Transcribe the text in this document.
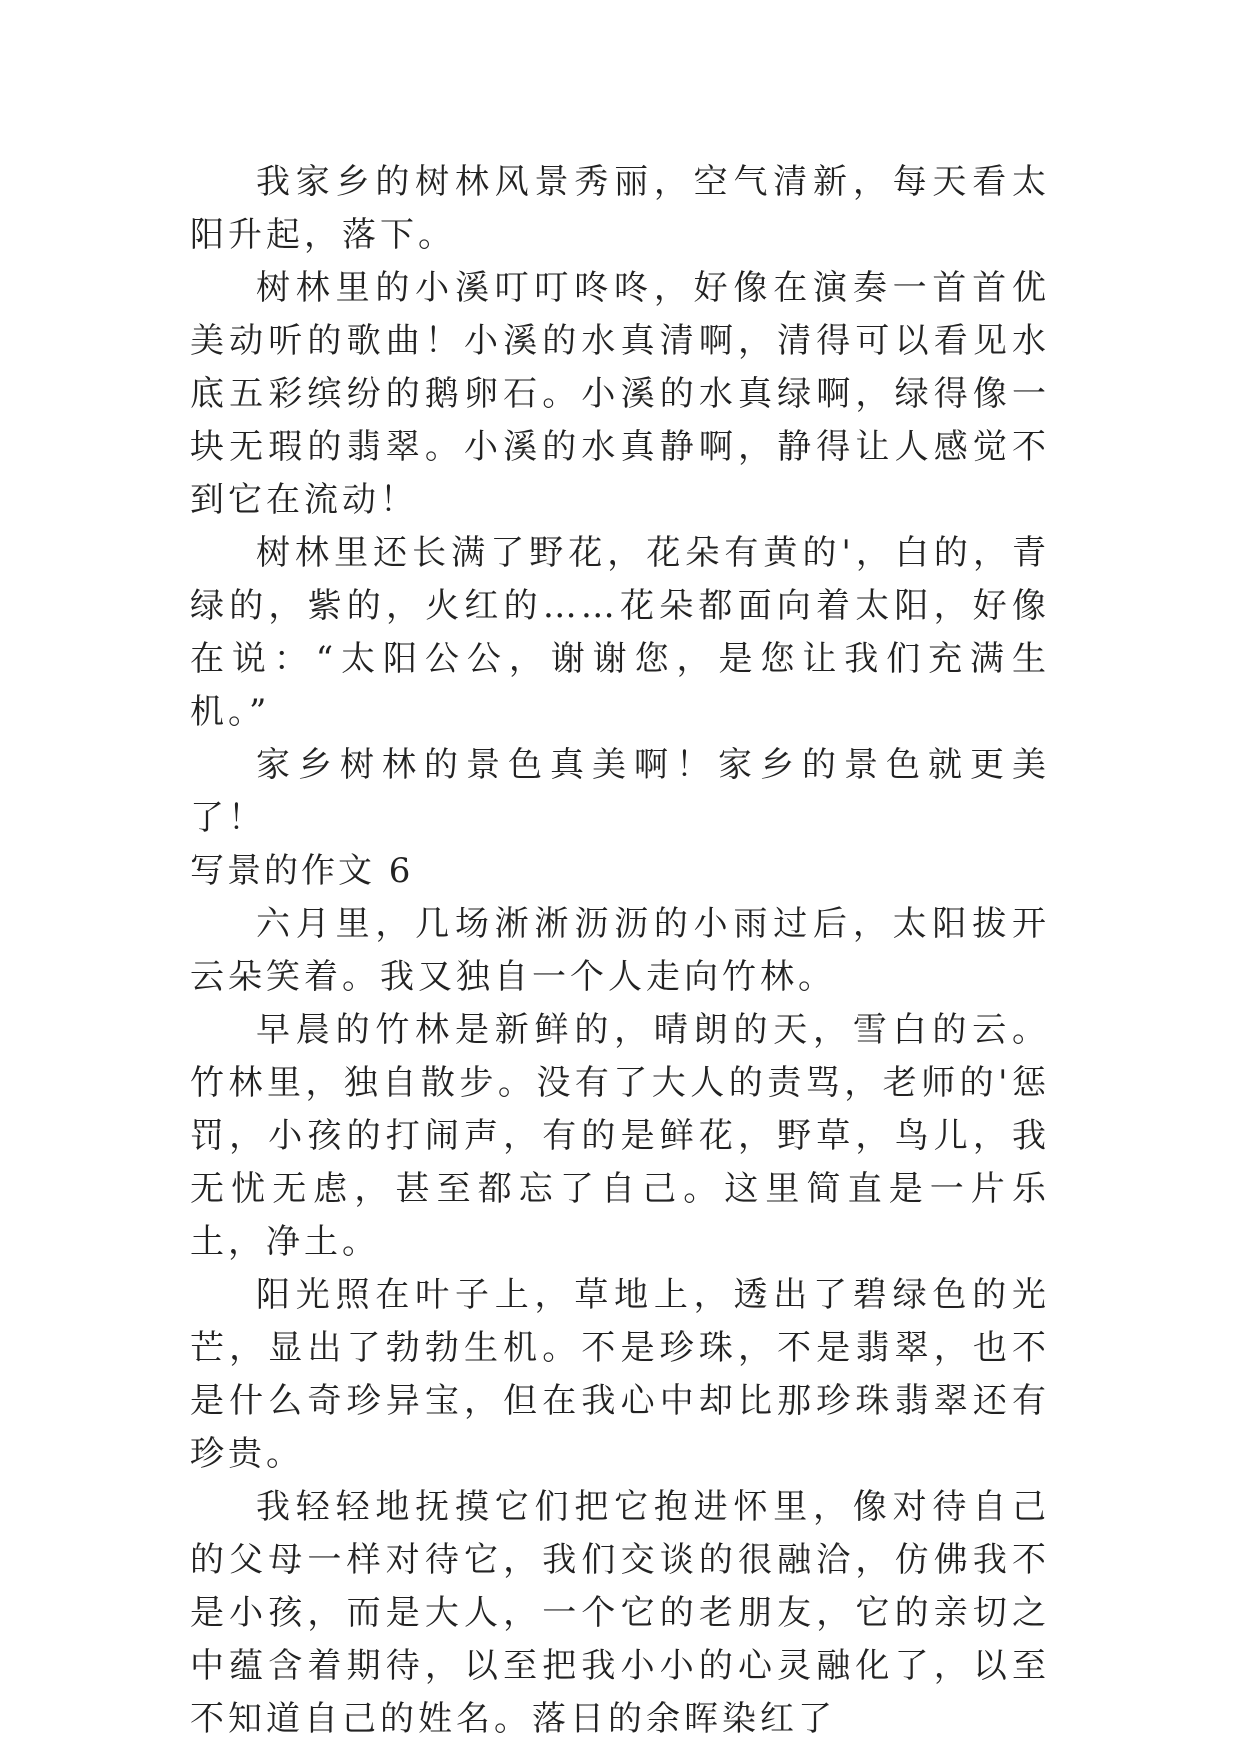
我家乡的树林风景秀丽，空气清新，每天看太阳升起，落下。

树林里的小溪叮叮咚咚，好像在演奏一首首优美动听的歌曲！小溪的水真清啊，清得可以看见水底五彩缤纷的鹅卵石。小溪的水真绿啊，绿得像一块无瑕的翡翠。小溪的水真静啊，静得让人感觉不到它在流动！

树林里还长满了野花，花朵有黄的'，白的，青绿的，紫的，火红的……花朵都面向着太阳，好像在说：“太阳公公，谢谢您，是您让我们充满生机。”

家乡树林的景色真美啊！家乡的景色就更美了！

写景的作文 6

六月里，几场淅淅沥沥的小雨过后，太阳拔开云朵笑着。我又独自一个人走向竹林。

早晨的竹林是新鲜的，晴朗的天，雪白的云。竹林里，独自散步。没有了大人的责骂，老师的'惩罚，小孩的打闹声，有的是鲜花，野草，鸟儿，我无忧无虑，甚至都忘了自己。这里简直是一片乐土，净土。

阳光照在叶子上，草地上，透出了碧绿色的光芒，显出了勃勃生机。不是珍珠，不是翡翠，也不是什么奇珍异宝，但在我心中却比那珍珠翡翠还有珍贵。

我轻轻地抚摸它们把它抱进怀里，像对待自己的父母一样对待它，我们交谈的很融洽，仿佛我不是小孩，而是大人，一个它的老朋友，它的亲切之中蕴含着期待，以至把我小小的心灵融化了，以至不知道自己的姓名。落日的余晖染红了
